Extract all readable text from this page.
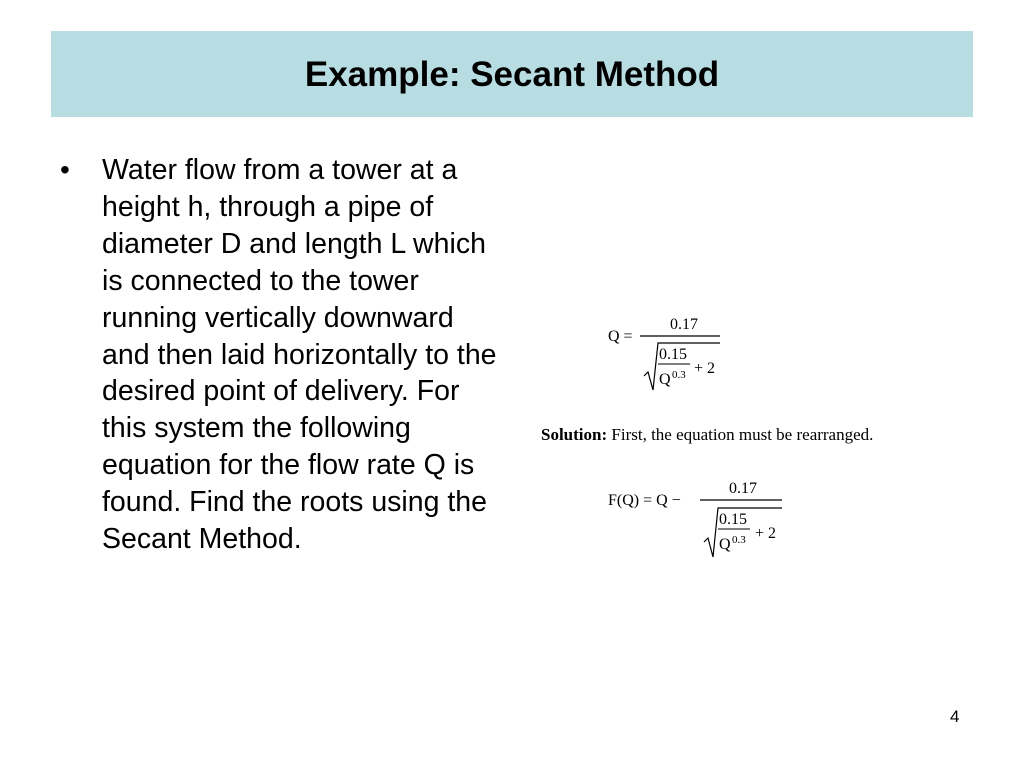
Example: Secant Method
• Water flow from a tower at a height h, through a pipe of diameter D and length L which is connected to the tower running vertically downward and then laid horizontally to the desired point of delivery. For this system the following equation for the flow rate Q is found. Find the roots using the Secant Method.
Q =
0.17
0.15
Q 0.3 + 2
Solution: First, the equation must be rearranged.
F(Q) = Q −
0.17
0.15
Q 0.3 + 2
4
